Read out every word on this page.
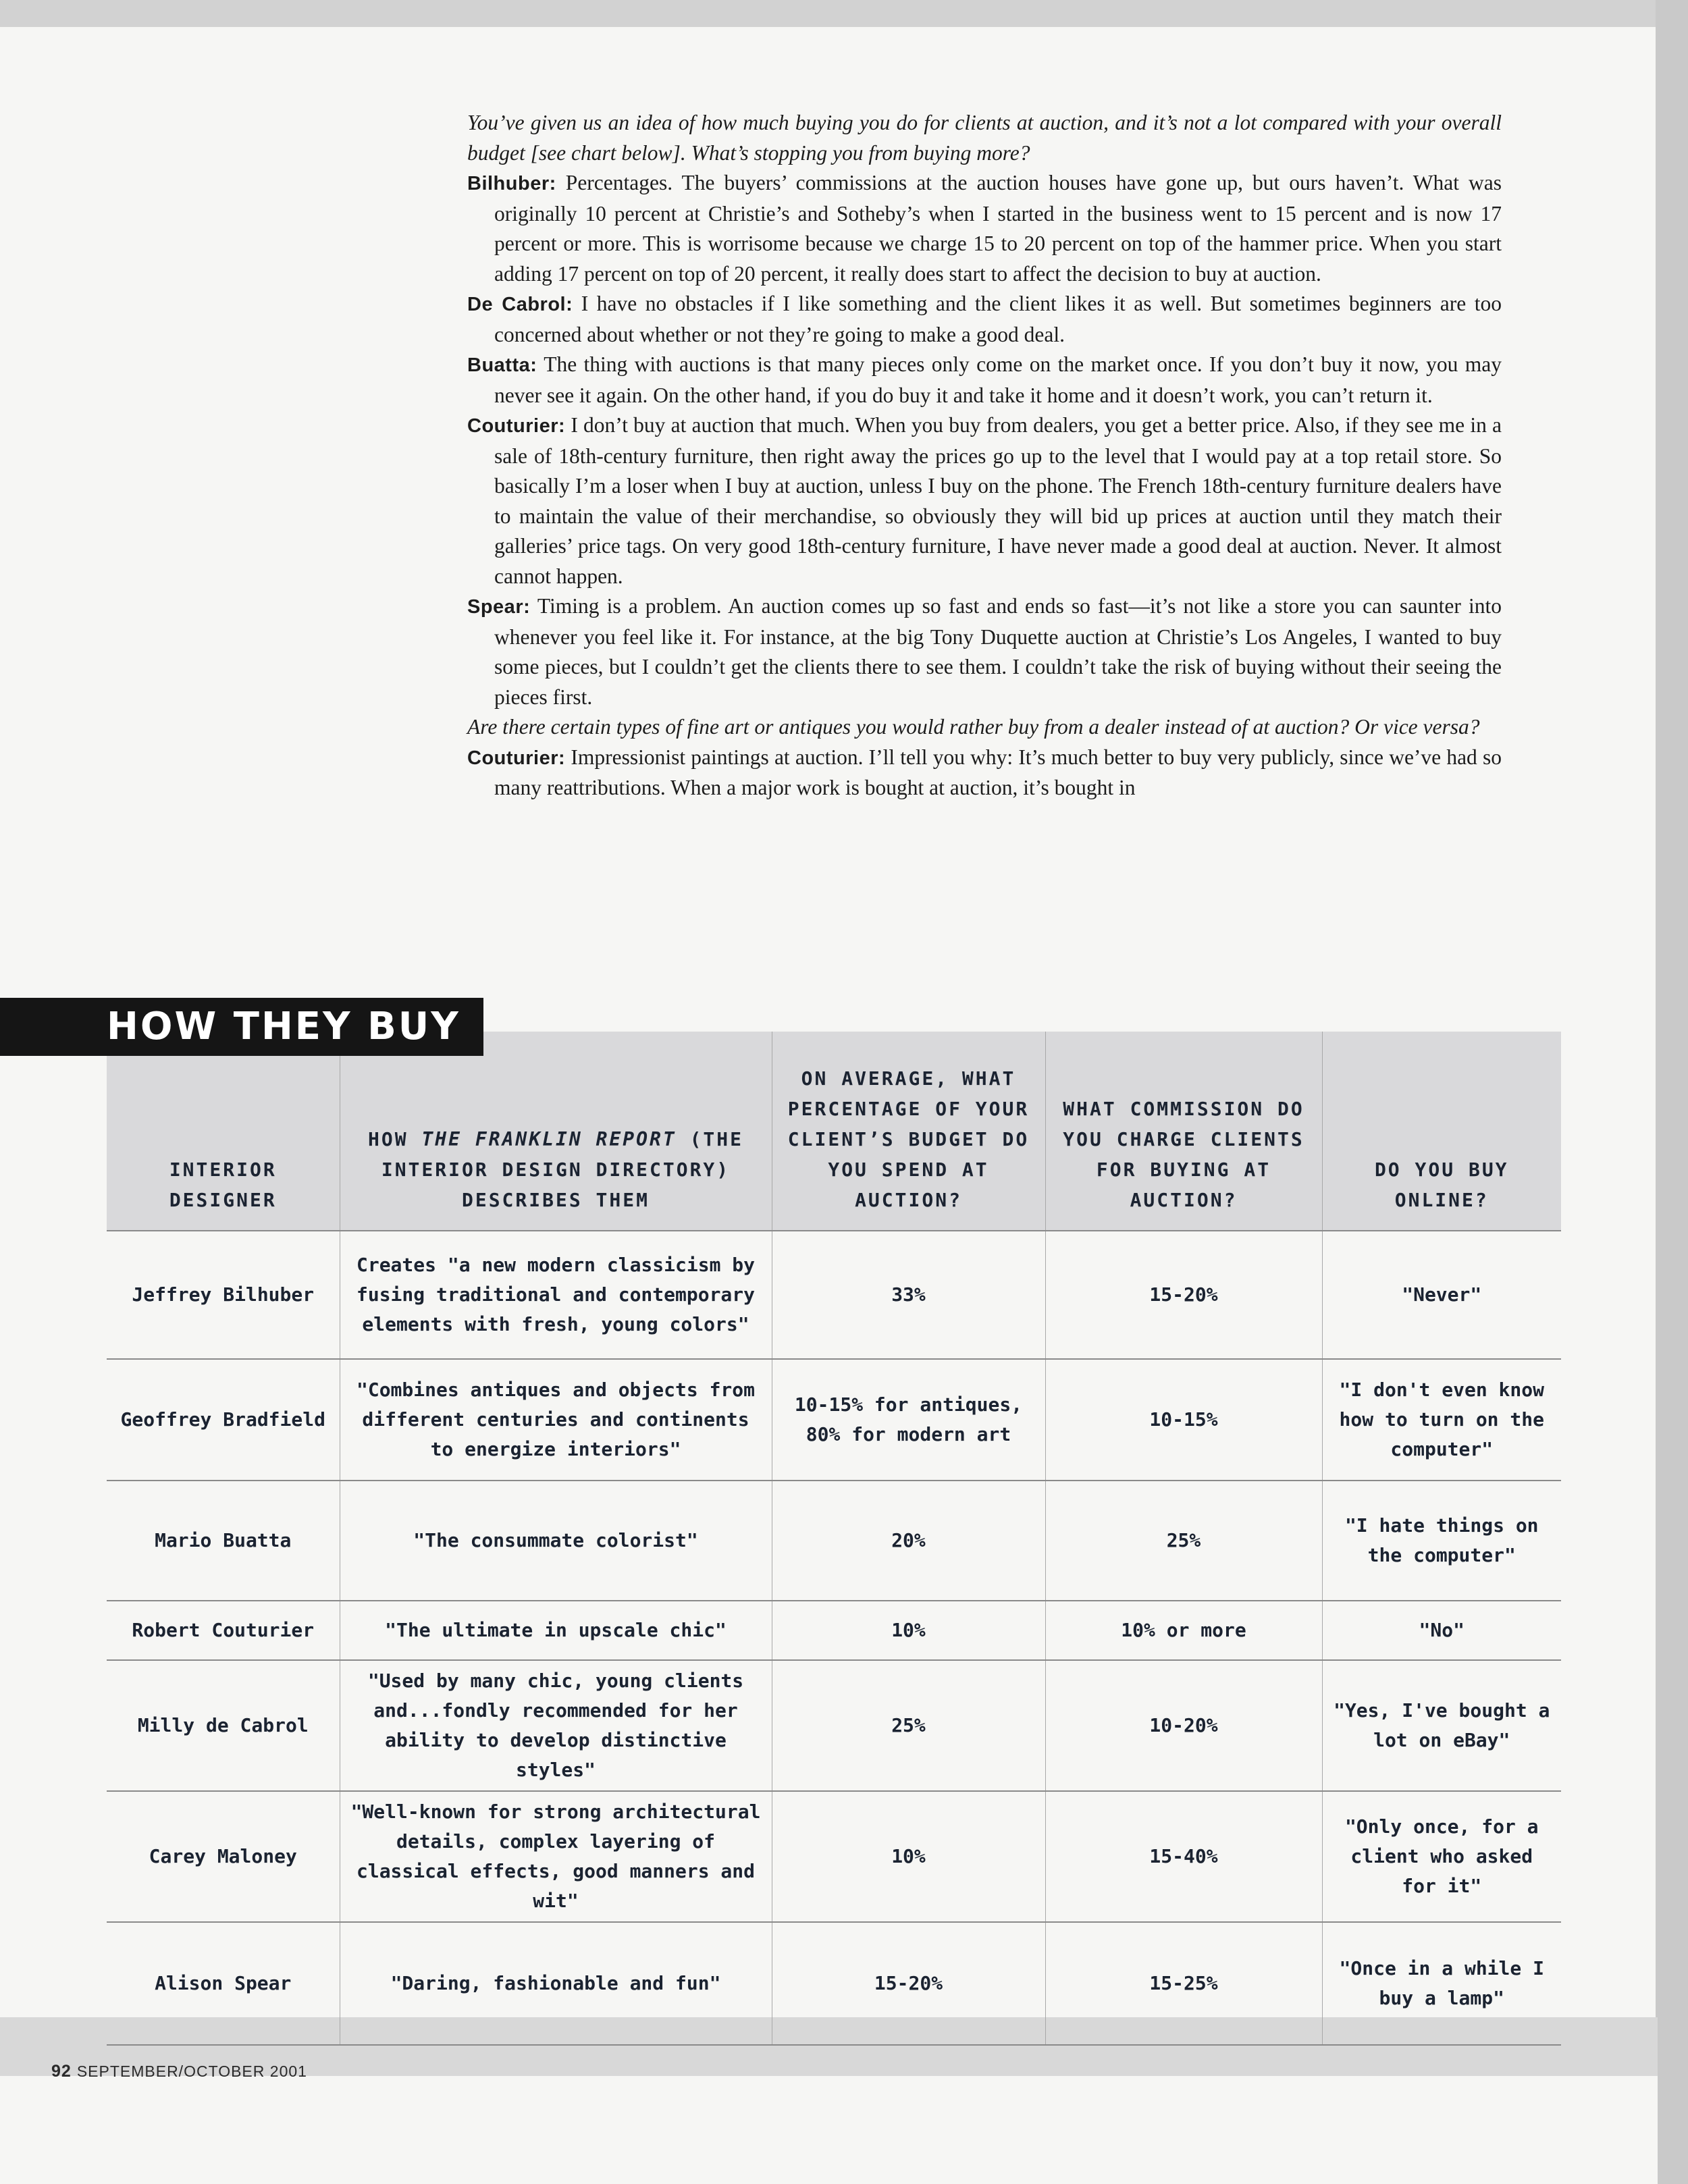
You’ve given us an idea of how much buying you do for clients at auction, and it’s not a lot compared with your overall budget [see chart below]. What’s stopping you from buying more?

Bilhuber: Percentages. The buyers’ commissions at the auction houses have gone up, but ours haven’t. What was originally 10 percent at Christie’s and Sotheby’s when I started in the business went to 15 percent and is now 17 percent or more. This is worrisome because we charge 15 to 20 percent on top of the hammer price. When you start adding 17 percent on top of 20 percent, it really does start to affect the decision to buy at auction.

De Cabrol: I have no obstacles if I like something and the client likes it as well. But sometimes beginners are too concerned about whether or not they’re going to make a good deal.

Buatta: The thing with auctions is that many pieces only come on the market once. If you don’t buy it now, you may never see it again. On the other hand, if you do buy it and take it home and it doesn’t work, you can’t return it.

Couturier: I don’t buy at auction that much. When you buy from dealers, you get a better price. Also, if they see me in a sale of 18th-century furniture, then right away the prices go up to the level that I would pay at a top retail store. So basically I’m a loser when I buy at auction, unless I buy on the phone. The French 18th-century furniture dealers have to maintain the value of their merchandise, so obviously they will bid up prices at auction until they match their galleries’ price tags. On very good 18th-century furniture, I have never made a good deal at auction. Never. It almost cannot happen.

Spear: Timing is a problem. An auction comes up so fast and ends so fast—it’s not like a store you can saunter into whenever you feel like it. For instance, at the big Tony Duquette auction at Christie’s Los Angeles, I wanted to buy some pieces, but I couldn’t get the clients there to see them. I couldn’t take the risk of buying without their seeing the pieces first.

Are there certain types of fine art or antiques you would rather buy from a dealer instead of at auction? Or vice versa?

Couturier: Impressionist paintings at auction. I’ll tell you why: It’s much better to buy very publicly, since we’ve had so many reattributions. When a major work is bought at auction, it’s bought in

INTERIOR DESIGNER	HOW THE FRANKLIN REPORT (THE INTERIOR DESIGN DIRECTORY) DESCRIBES THEM	ON AVERAGE, WHAT PERCENTAGE OF YOUR CLIENT’S BUDGET DO YOU SPEND AT AUCTION?	WHAT COMMISSION DO YOU CHARGE CLIENTS FOR BUYING AT AUCTION?	DO YOU BUY ONLINE?
Jeffrey Bilhuber	Creates "a new modern classicism by fusing traditional and contemporary elements with fresh, young colors"	33%	15-20%	"Never"
Geoffrey Bradfield	"Combines antiques and objects from different centuries and continents to energize interiors"	10-15% for antiques, 80% for modern art	10-15%	"I don't even know how to turn on the computer"
Mario Buatta	"The consummate colorist"	20%	25%	"I hate things on the computer"
Robert Couturier	"The ultimate in upscale chic"	10%	10% or more	"No"
Milly de Cabrol	"Used by many chic, young clients and...fondly recommended for her ability to develop distinctive styles"	25%	10-20%	"Yes, I've bought a lot on eBay"
Carey Maloney	"Well-known for strong architectural details, complex layering of classical effects, good manners and wit"	10%	15-40%	"Only once, for a client who asked for it"
Alison Spear	"Daring, fashionable and fun"	15-20%	15-25%	"Once in a while I buy a lamp"
HOW THEY BUY
92 SEPTEMBER/OCTOBER 2001
